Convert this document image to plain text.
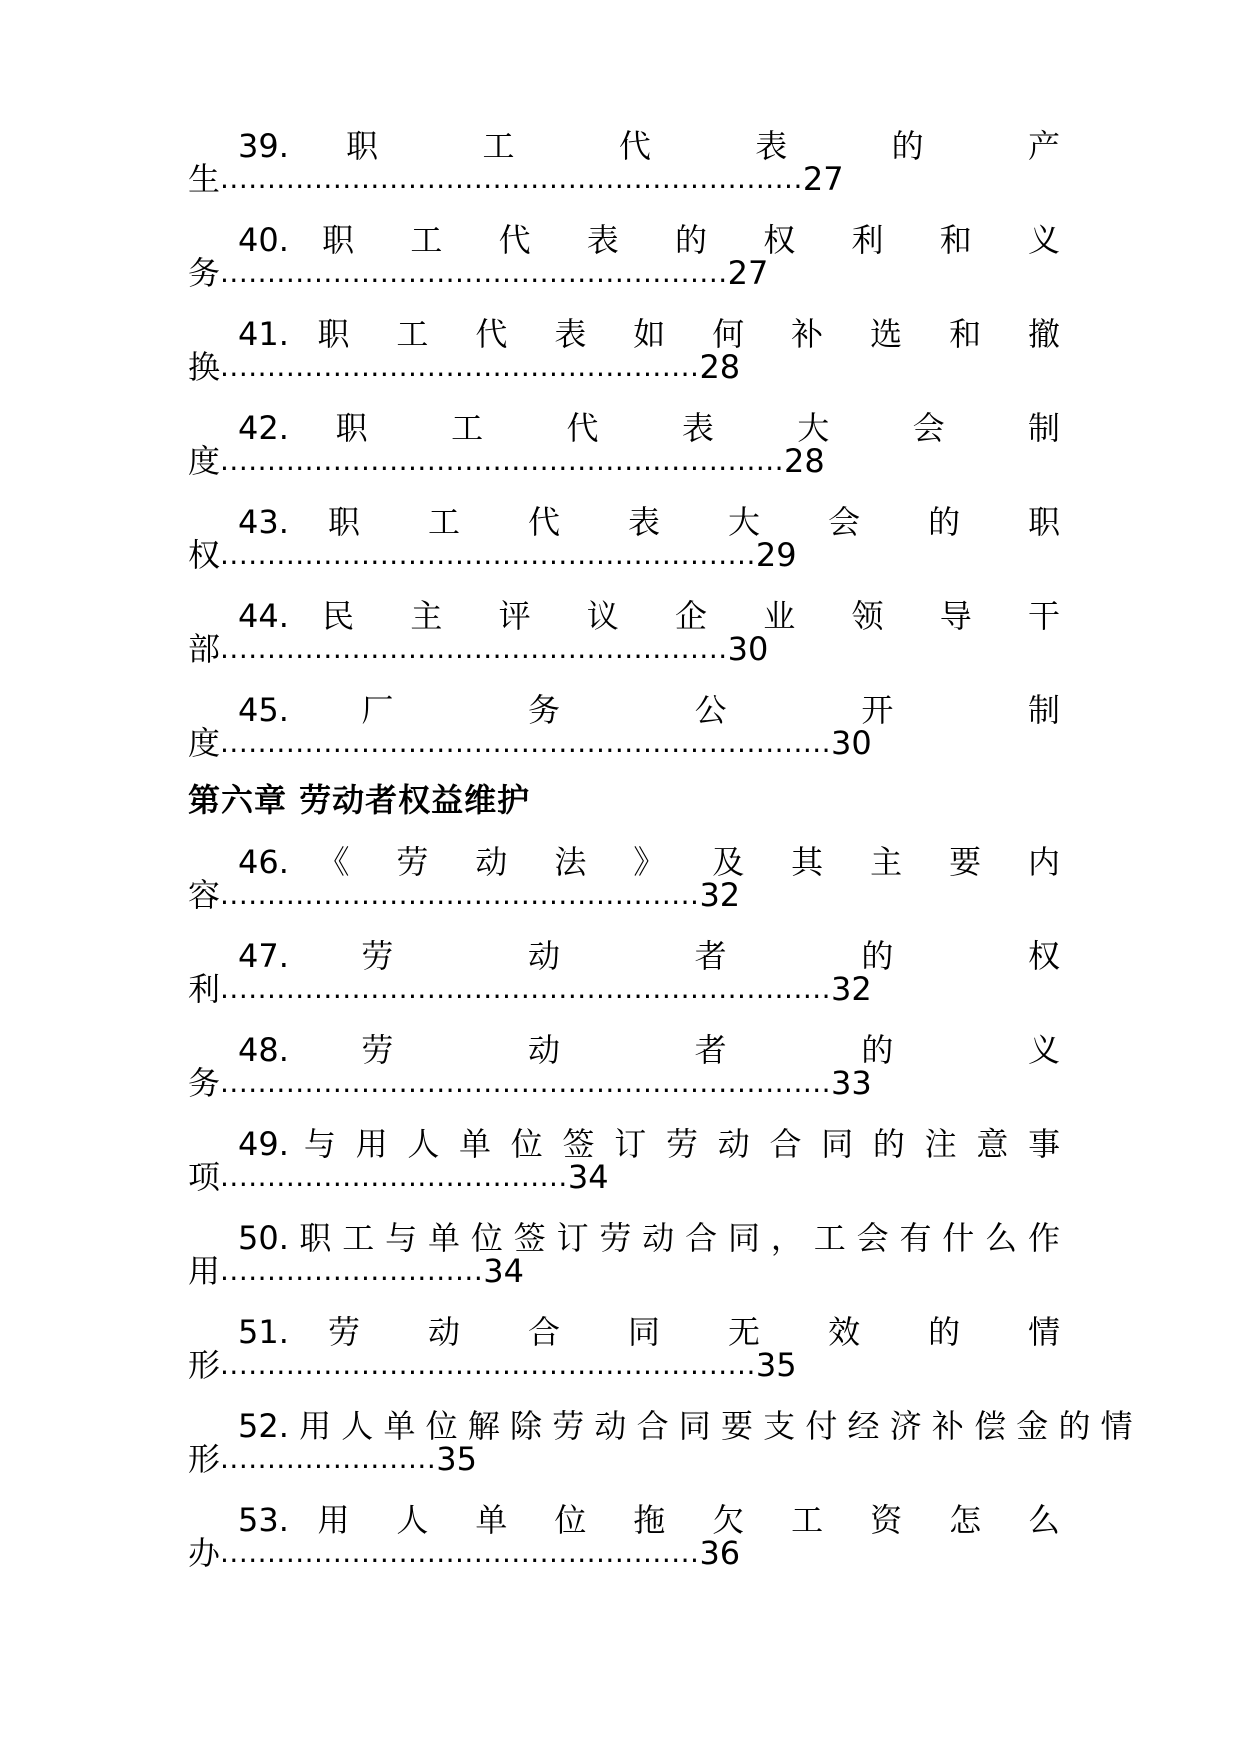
39. 职 工 代 表 的 产
生 .............................................................. 27
40. 职 工 代 表 的 权 利 和 义
务 ...................................................... 27
41. 职 工 代 表 如 何 补 选 和 撤
换 ................................................... 28
42. 职 工 代 表 大 会 制
度 ............................................................ 28
43. 职 工 代 表 大 会 的 职
权 ......................................................... 29
44. 民 主 评 议 企 业 领 导 干
部 ...................................................... 30
45. 厂 务 公 开 制
度 ................................................................. 30
第六章 劳动者权益维护
46. 《 劳 动 法 》 及 其 主 要 内
容 ................................................... 32
47. 劳 动 者 的 权
利 ................................................................. 32
48. 劳 动 者 的 义
务 ................................................................. 33
49. 与 用 人 单 位 签 订 劳 动 合 同 的 注 意 事
项 ..................................... 34
50. 职 工 与 单 位 签 订 劳 动 合 同 ， 工 会 有 什 么 作
用 ............................ 34
51. 劳 动 合 同 无 效 的 情
形 ......................................................... 35
52. 用 人 单 位 解 除 劳 动 合 同 要 支 付 经 济 补 偿 金 的 情
形 ....................... 35
53. 用 人 单 位 拖 欠 工 资 怎 么
办 ................................................... 36
